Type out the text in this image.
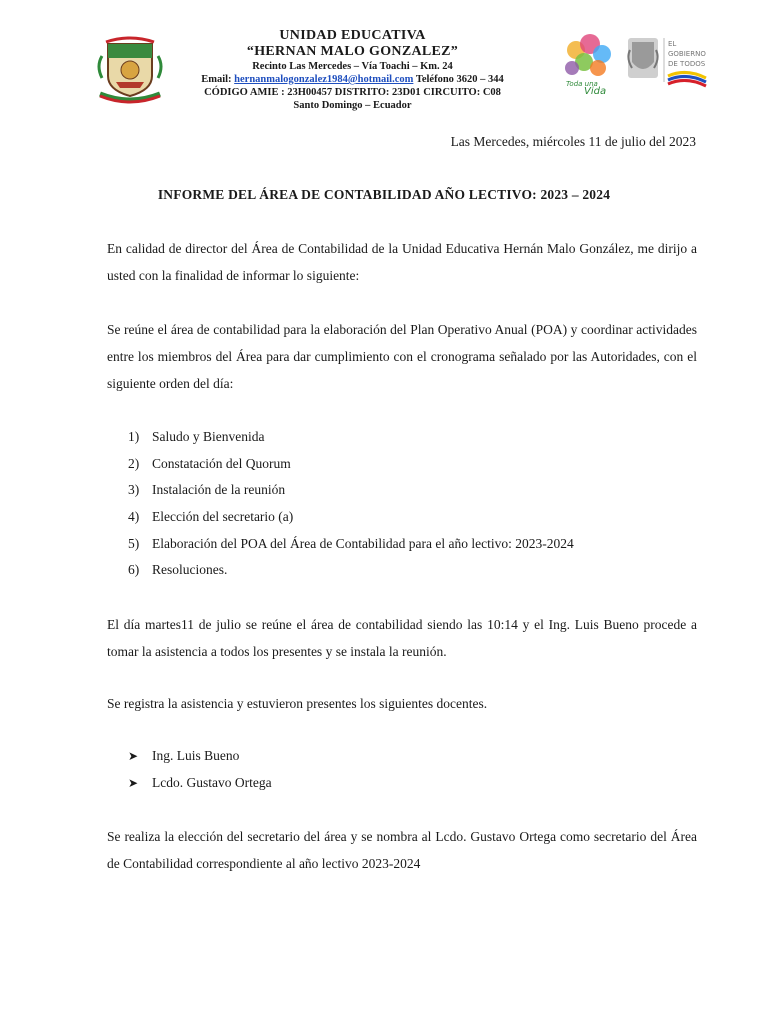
UNIDAD EDUCATIVA
“HERNAN MALO GONZALEZ”
Recinto Las Mercedes – Vía Toachi – Km. 24
Email: hernanmalogonzalez1984@hotmail.com Teléfono 3620 – 344
CÓDIGO AMIE : 23H00457 DISTRITO: 23D01 CIRCUITO: C08
Santo Domingo – Ecuador
Toda una
Vida
EL
GOBIERNO
DE TODOS
Las Mercedes, miércoles 11 de julio del 2023
INFORME DEL ÁREA DE CONTABILIDAD AÑO LECTIVO: 2023 – 2024

En calidad de director del Área de Contabilidad de la Unidad Educativa Hernán Malo González, me dirijo a usted con la finalidad de informar lo siguiente:

Se reúne el área de contabilidad para la elaboración del Plan Operativo Anual (POA) y coordinar actividades entre los miembros del Área para dar cumplimiento con el cronograma señalado por las Autoridades, con el siguiente orden del día:

1) Saludo y Bienvenida
2) Constatación del Quorum
3) Instalación de la reunión
4) Elección del secretario (a)
5) Elaboración del POA del Área de Contabilidad para el año lectivo: 2023-2024
6) Resoluciones.

El día martes11 de julio se reúne el área de contabilidad siendo las 10:14 y el Ing. Luis Bueno procede a tomar la asistencia a todos los presentes y se instala la reunión.

Se registra la asistencia y estuvieron presentes los siguientes docentes.

➤ Ing. Luis Bueno
➤ Lcdo. Gustavo Ortega

Se realiza la elección del secretario del área y se nombra al Lcdo. Gustavo Ortega como secretario del Área de Contabilidad correspondiente al año lectivo 2023-2024
